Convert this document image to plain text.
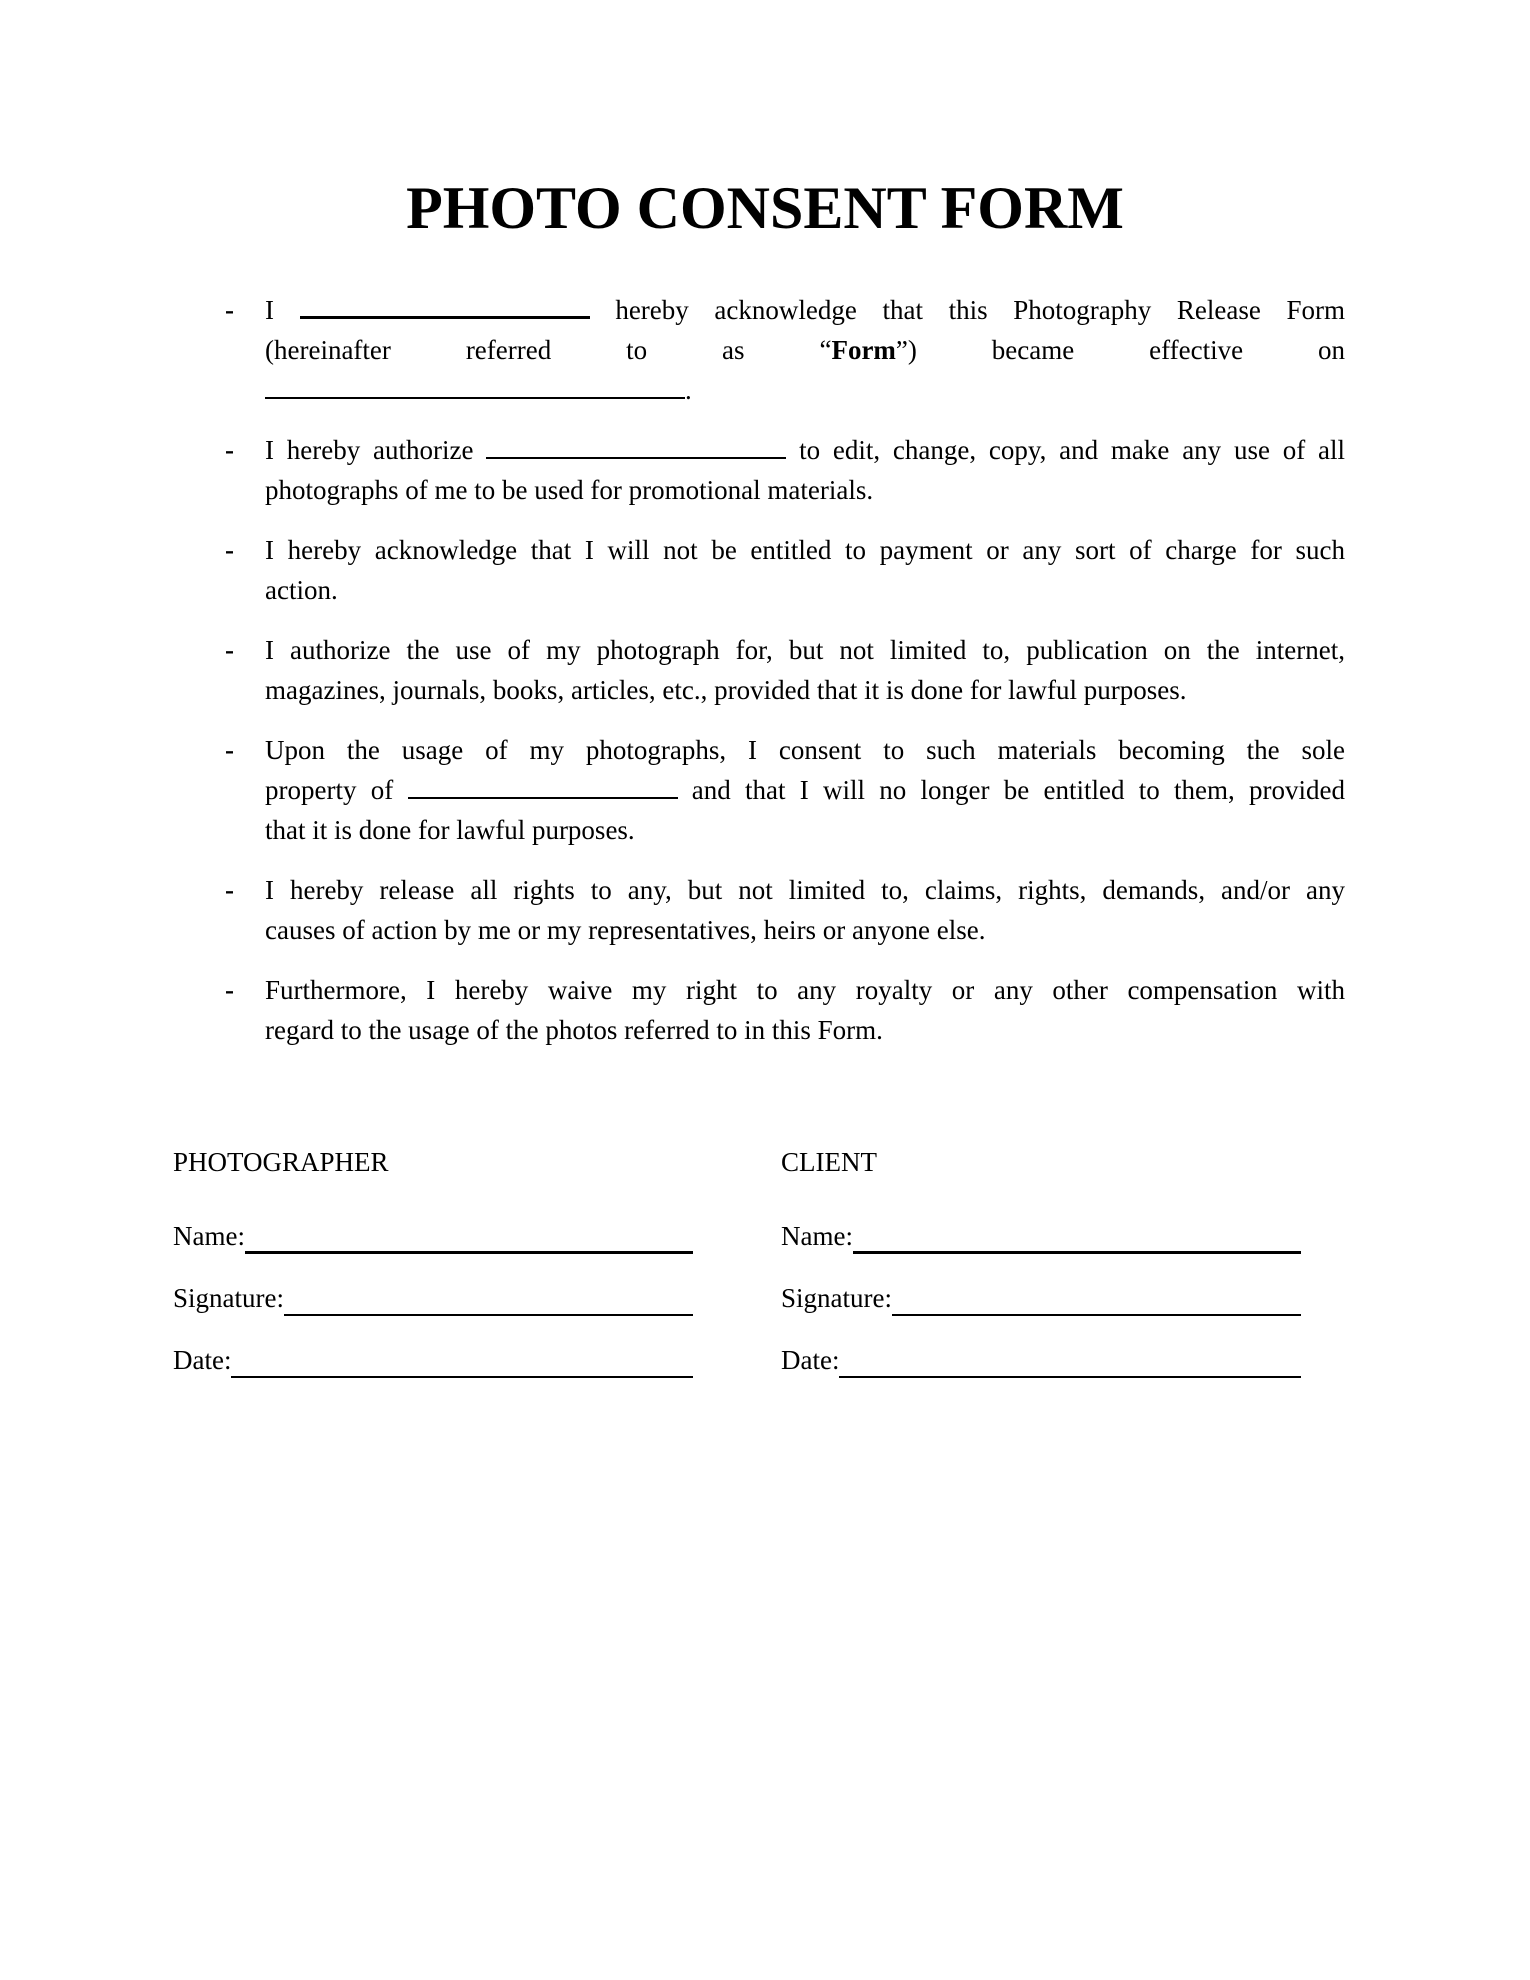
PHOTO CONSENT FORM
- I	hereby acknowledge that this Photography Release Form
(hereinafter referred to as “Form”) became effective on
.
- I hereby authorize	to edit, change, copy, and make any use of all
photographs of me to be used for promotional materials.
- I hereby acknowledge that I will not be entitled to payment or any sort of charge for such
action.
- I authorize the use of my photograph for, but not limited to, publication on the internet,
magazines, journals, books, articles, etc., provided that it is done for lawful purposes.
- Upon the usage of my photographs, I consent to such materials becoming the sole
property of	and that I will no longer be entitled to them, provided
that it is done for lawful purposes.
- I hereby release all rights to any, but not limited to, claims, rights, demands, and/or any
causes of action by me or my representatives, heirs or anyone else.
- Furthermore, I hereby waive my right to any royalty or any other compensation with
regard to the usage of the photos referred to in this Form.
PHOTOGRAPHER
Name:
Signature:
Date:
CLIENT
Name:
Signature:
Date:
